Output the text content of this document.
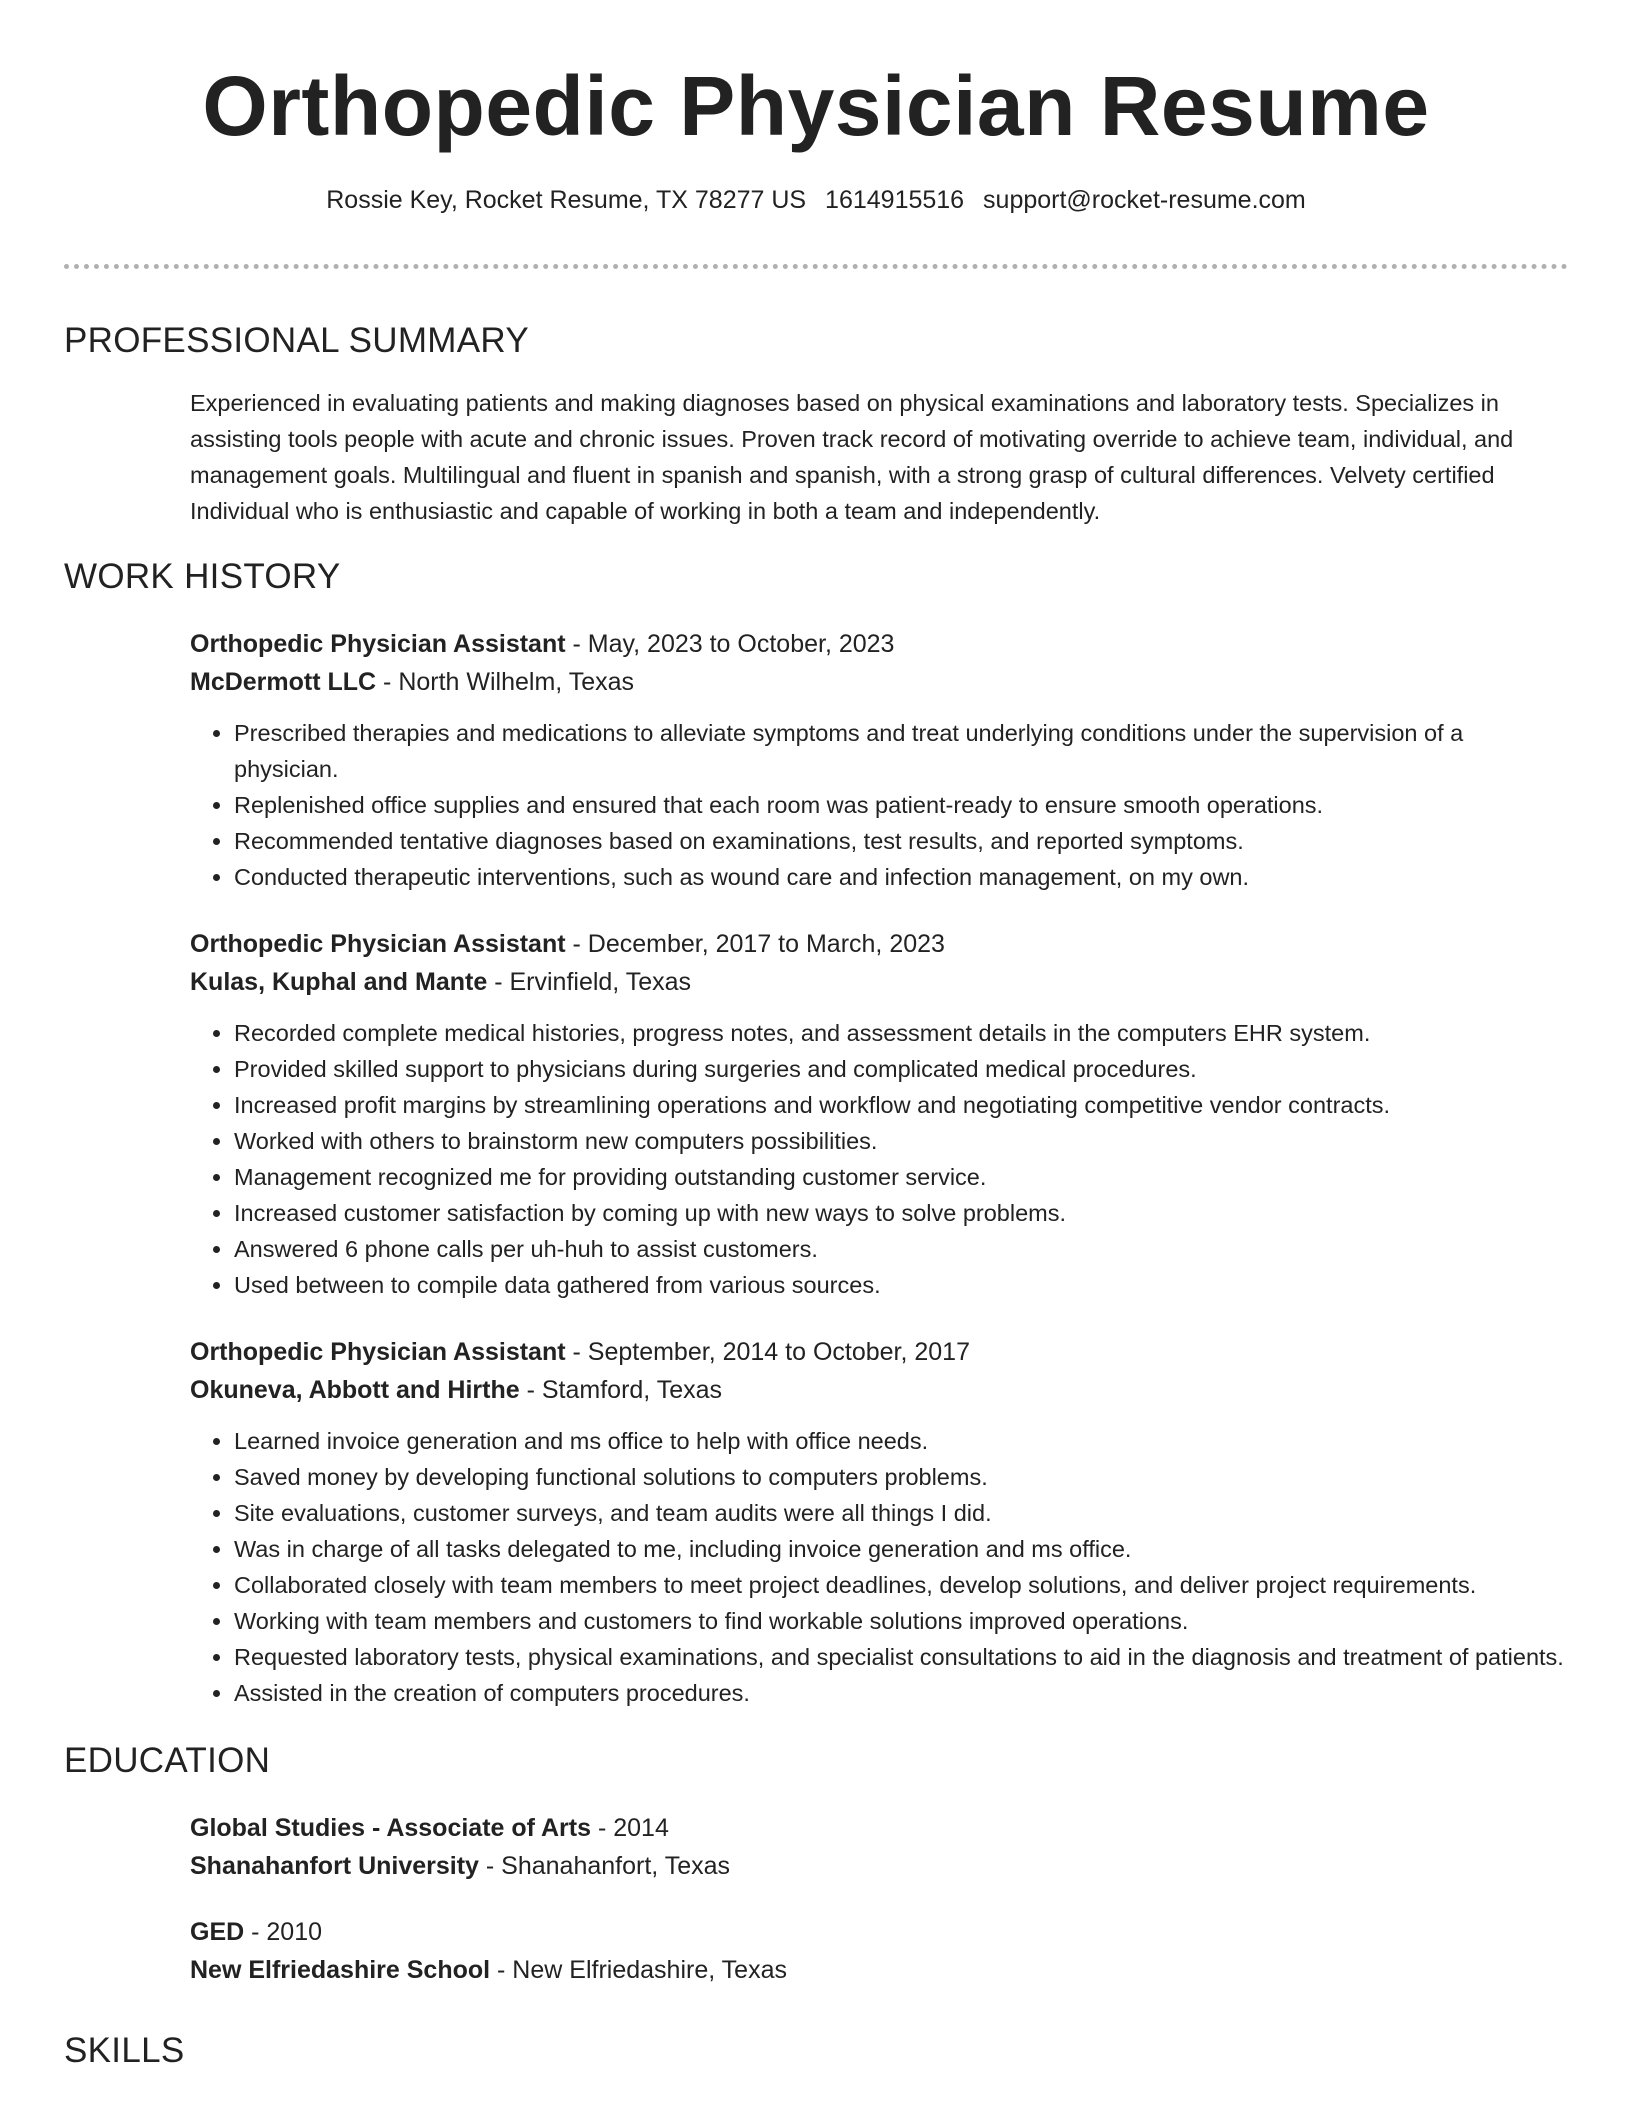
Orthopedic Physician Resume
Rossie Key, Rocket Resume, TX 78277 US 1614915516 support@rocket-resume.com
PROFESSIONAL SUMMARY

Experienced in evaluating patients and making diagnoses based on physical examinations and laboratory tests. Specializes in assisting tools people with acute and chronic issues. Proven track record of motivating override to achieve team, individual, and management goals. Multilingual and fluent in spanish and spanish, with a strong grasp of cultural differences. Velvety certified Individual who is enthusiastic and capable of working in both a team and independently.

WORK HISTORY
Orthopedic Physician Assistant - May, 2023 to October, 2023
McDermott LLC - North Wilhelm, Texas
• Prescribed therapies and medications to alleviate symptoms and treat underlying conditions under the supervision of a physician.
• Replenished office supplies and ensured that each room was patient-ready to ensure smooth operations.
• Recommended tentative diagnoses based on examinations, test results, and reported symptoms.
• Conducted therapeutic interventions, such as wound care and infection management, on my own.
Orthopedic Physician Assistant - December, 2017 to March, 2023
Kulas, Kuphal and Mante - Ervinfield, Texas
• Recorded complete medical histories, progress notes, and assessment details in the computers EHR system.
• Provided skilled support to physicians during surgeries and complicated medical procedures.
• Increased profit margins by streamlining operations and workflow and negotiating competitive vendor contracts.
• Worked with others to brainstorm new computers possibilities.
• Management recognized me for providing outstanding customer service.
• Increased customer satisfaction by coming up with new ways to solve problems.
• Answered 6 phone calls per uh-huh to assist customers.
• Used between to compile data gathered from various sources.
Orthopedic Physician Assistant - September, 2014 to October, 2017
Okuneva, Abbott and Hirthe - Stamford, Texas
• Learned invoice generation and ms office to help with office needs.
• Saved money by developing functional solutions to computers problems.
• Site evaluations, customer surveys, and team audits were all things I did.
• Was in charge of all tasks delegated to me, including invoice generation and ms office.
• Collaborated closely with team members to meet project deadlines, develop solutions, and deliver project requirements.
• Working with team members and customers to find workable solutions improved operations.
• Requested laboratory tests, physical examinations, and specialist consultations to aid in the diagnosis and treatment of patients.
• Assisted in the creation of computers procedures.
EDUCATION
Global Studies - Associate of Arts - 2014
Shanahanfort University - Shanahanfort, Texas
GED - 2010
New Elfriedashire School - New Elfriedashire, Texas
SKILLS
